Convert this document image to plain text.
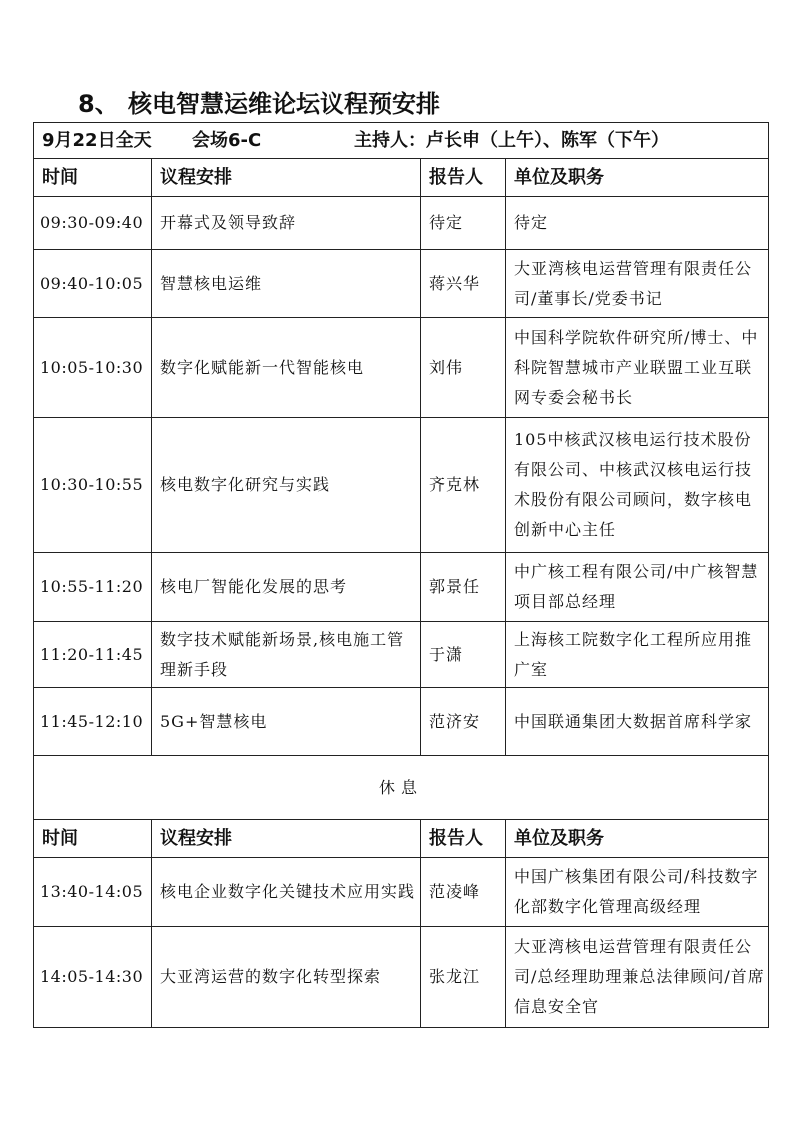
8、 核电智慧运维论坛议程预安排
9月22日全天 会场6-C 主持人：卢长申（上午）、陈军（下午）			
时间	议程安排	报告人	单位及职务
09:30-09:40	开幕式及领导致辞	待定	待定
09:40-10:05	智慧核电运维	蒋兴华	大亚湾核电运营管理有限责任公司/董事长/党委书记
10:05-10:30	数字化赋能新一代智能核电	刘伟	中国科学院软件研究所/博士、中科院智慧城市产业联盟工业互联网专委会秘书长
10:30-10:55	核电数字化研究与实践	齐克林	105中核武汉核电运行技术股份有限公司、中核武汉核电运行技术股份有限公司顾问，数字核电创新中心主任
10:55-11:20	核电厂智能化发展的思考	郭景任	中广核工程有限公司/中广核智慧项目部总经理
11:20-11:45	数字技术赋能新场景,核电施工管理新手段	于潇	上海核工院数字化工程所应用推广室
11:45-12:10	5G+智慧核电	范济安	中国联通集团大数据首席科学家
休息			
时间	议程安排	报告人	单位及职务
13:40-14:05	核电企业数字化关键技术应用实践	范凌峰	中国广核集团有限公司/科技数字化部数字化管理高级经理
14:05-14:30	大亚湾运营的数字化转型探索	张龙江	大亚湾核电运营管理有限责任公司/总经理助理兼总法律顾问/首席信息安全官
